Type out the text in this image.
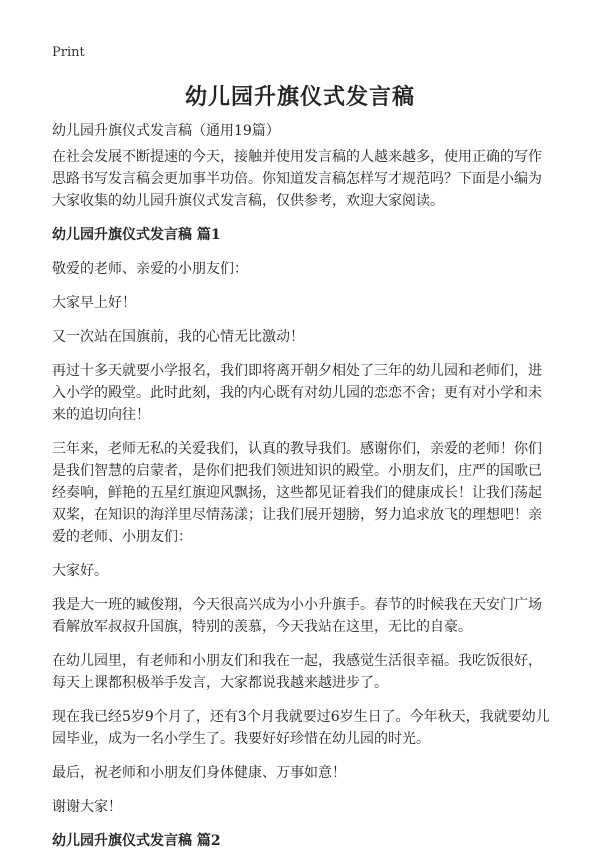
Print
幼儿园升旗仪式发言稿
幼儿园升旗仪式发言稿（通用19篇）

在社会发展不断提速的今天，接触并使用发言稿的人越来越多，使用正确的写作思路书写发言稿会更加事半功倍。你知道发言稿怎样写才规范吗？下面是小编为大家收集的幼儿园升旗仪式发言稿，仅供参考，欢迎大家阅读。

幼儿园升旗仪式发言稿 篇1

敬爱的老师、亲爱的小朋友们：

大家早上好！

又一次站在国旗前，我的心情无比激动！

再过十多天就要小学报名，我们即将离开朝夕相处了三年的幼儿园和老师们，进入小学的殿堂。此时此刻，我的内心既有对幼儿园的恋恋不舍；更有对小学和未来的追切向往！

三年来，老师无私的关爱我们，认真的教导我们。感谢你们，亲爱的老师！你们是我们智慧的启蒙者，是你们把我们领进知识的殿堂。小朋友们，庄严的国歌已经奏响，鲜艳的五星红旗迎风飘扬，这些都见证着我们的健康成长！让我们荡起双桨，在知识的海洋里尽情荡漾；让我们展开翅膀，努力追求放飞的理想吧！亲爱的老师、小朋友们：

大家好。

我是大一班的臧俊翔，今天很高兴成为小小升旗手。春节的时候我在天安门广场看解放军叔叔升国旗，特别的羡慕，今天我站在这里，无比的自豪。

在幼儿园里，有老师和小朋友们和我在一起，我感觉生活很幸福。我吃饭很好，每天上课都积极举手发言，大家都说我越来越进步了。

现在我已经5岁9个月了，还有3个月我就要过6岁生日了。今年秋天，我就要幼儿园毕业，成为一名小学生了。我要好好珍惜在幼儿园的时光。

最后，祝老师和小朋友们身体健康、万事如意！

谢谢大家！

幼儿园升旗仪式发言稿 篇2
